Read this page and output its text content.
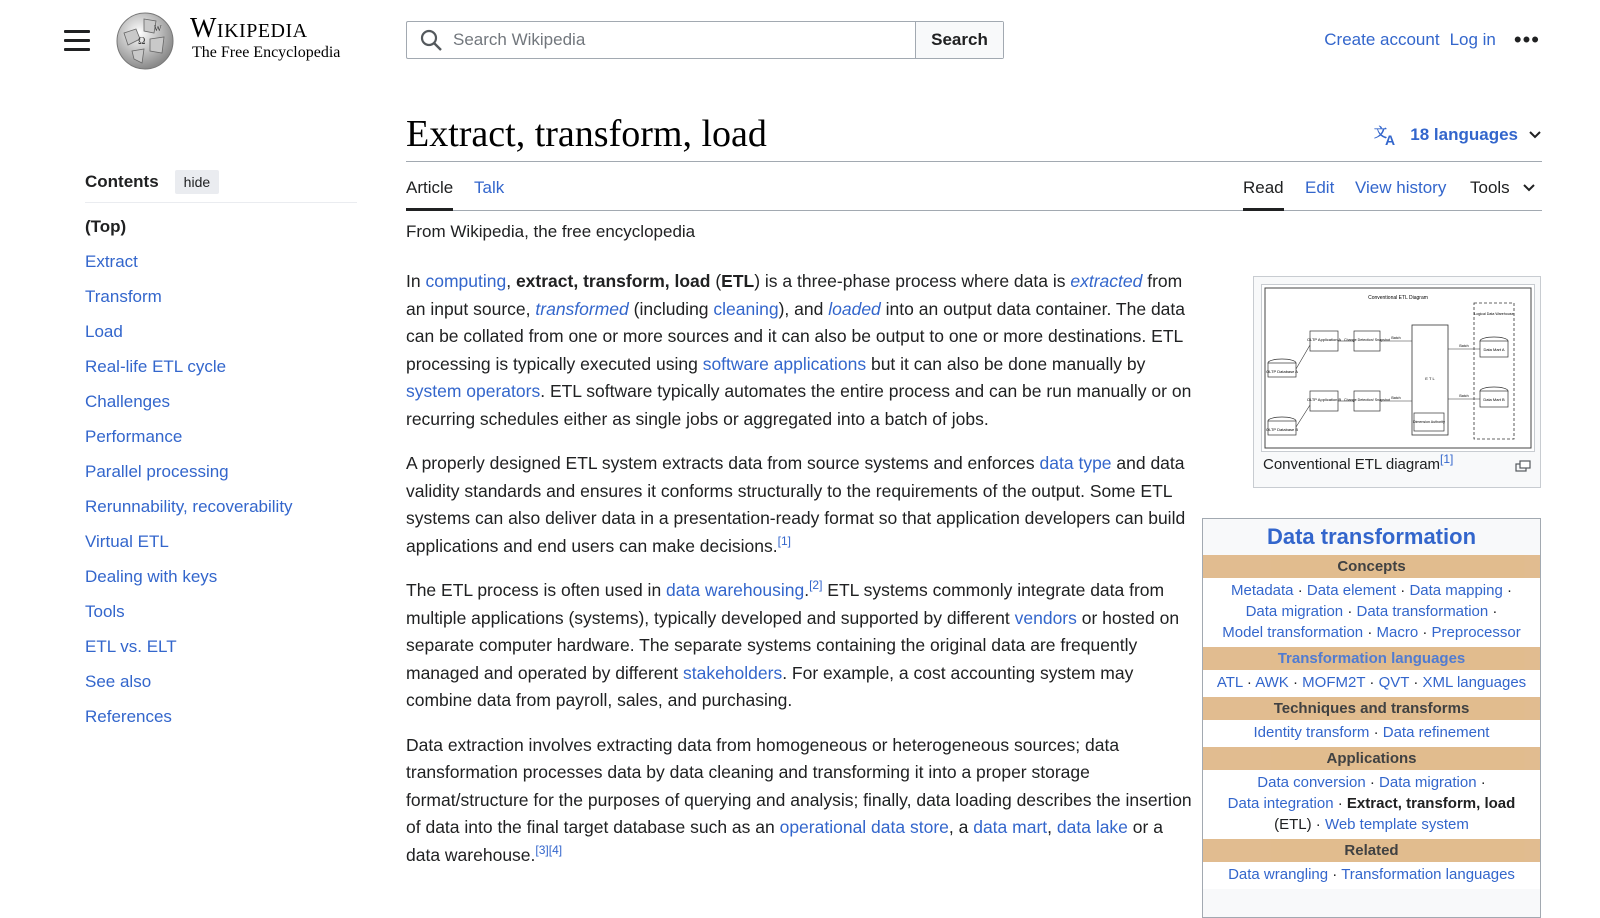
Ω
W Wikipedia
The Free Encyclopedia
Search Wikipedia
Search	Create account Log in •••
Contents	hide
(Top)
Extract
Transform
Load
Real-life ETL cycle
Challenges
Performance
Parallel processing
Rerunnability, recoverability
Virtual ETL
Dealing with keys
Tools
ETL vs. ELT
See also
References
Extract, transform, load	文
A 18 languages
Article Talk	Read Edit View history Tools
From Wikipedia, the free encyclopedia

In computing, extract, transform, load (ETL) is a three-phase process where data is extracted from an input source, transformed (including cleaning), and loaded into an output data container. The data can be collated from one or more sources and it can also be output to one or more destinations. ETL processing is typically executed using software applications but it can also be done manually by system operators. ETL software typically automates the entire process and can be run manually or on recurring schedules either as single jobs or aggregated into a batch of jobs.

A properly designed ETL system extracts data from source systems and enforces data type and data validity standards and ensures it conforms structurally to the requirements of the output. Some ETL systems can also deliver data in a presentation-ready format so that application developers can build applications and end users can make decisions.[1]

The ETL process is often used in data warehousing.[2] ETL systems commonly integrate data from multiple applications (systems), typically developed and supported by different vendors or hosted on separate computer hardware. The separate systems containing the original data are frequently managed and operated by different stakeholders. For example, a cost accounting system may combine data from payroll, sales, and purchasing.

Data extraction involves extracting data from homogeneous or heterogeneous sources; data transformation processes data by data cleaning and transforming it into a proper storage format/structure for the purposes of querying and analysis; finally, data loading describes the insertion of data into the final target database such as an operational data store, a data mart, data lake or a data warehouse.[3][4]

Conventional ETL Diagram
OLTP Application A
OLTP Application B
OLTP Database A
OLTP Database B
Change Detection/ Snapshot
Change Detection/ Snapshot
E T L
Dimension Authority
Logical Data Warehouse
Data Mart A
Data Mart B
Batch
Batch
Batch
Batch
Conventional ETL diagram[1]
Data transformation
Concepts
Metadata · Data element · Data mapping ·
Data migration · Data transformation ·
Model transformation · Macro · Preprocessor
Transformation languages
ATL · AWK · MOFM2T · QVT · XML languages
Techniques and transforms
Identity transform · Data refinement
Applications
Data conversion · Data migration ·
Data integration · Extract, transform, load
(ETL) · Web template system
Related
Data wrangling · Transformation languages
